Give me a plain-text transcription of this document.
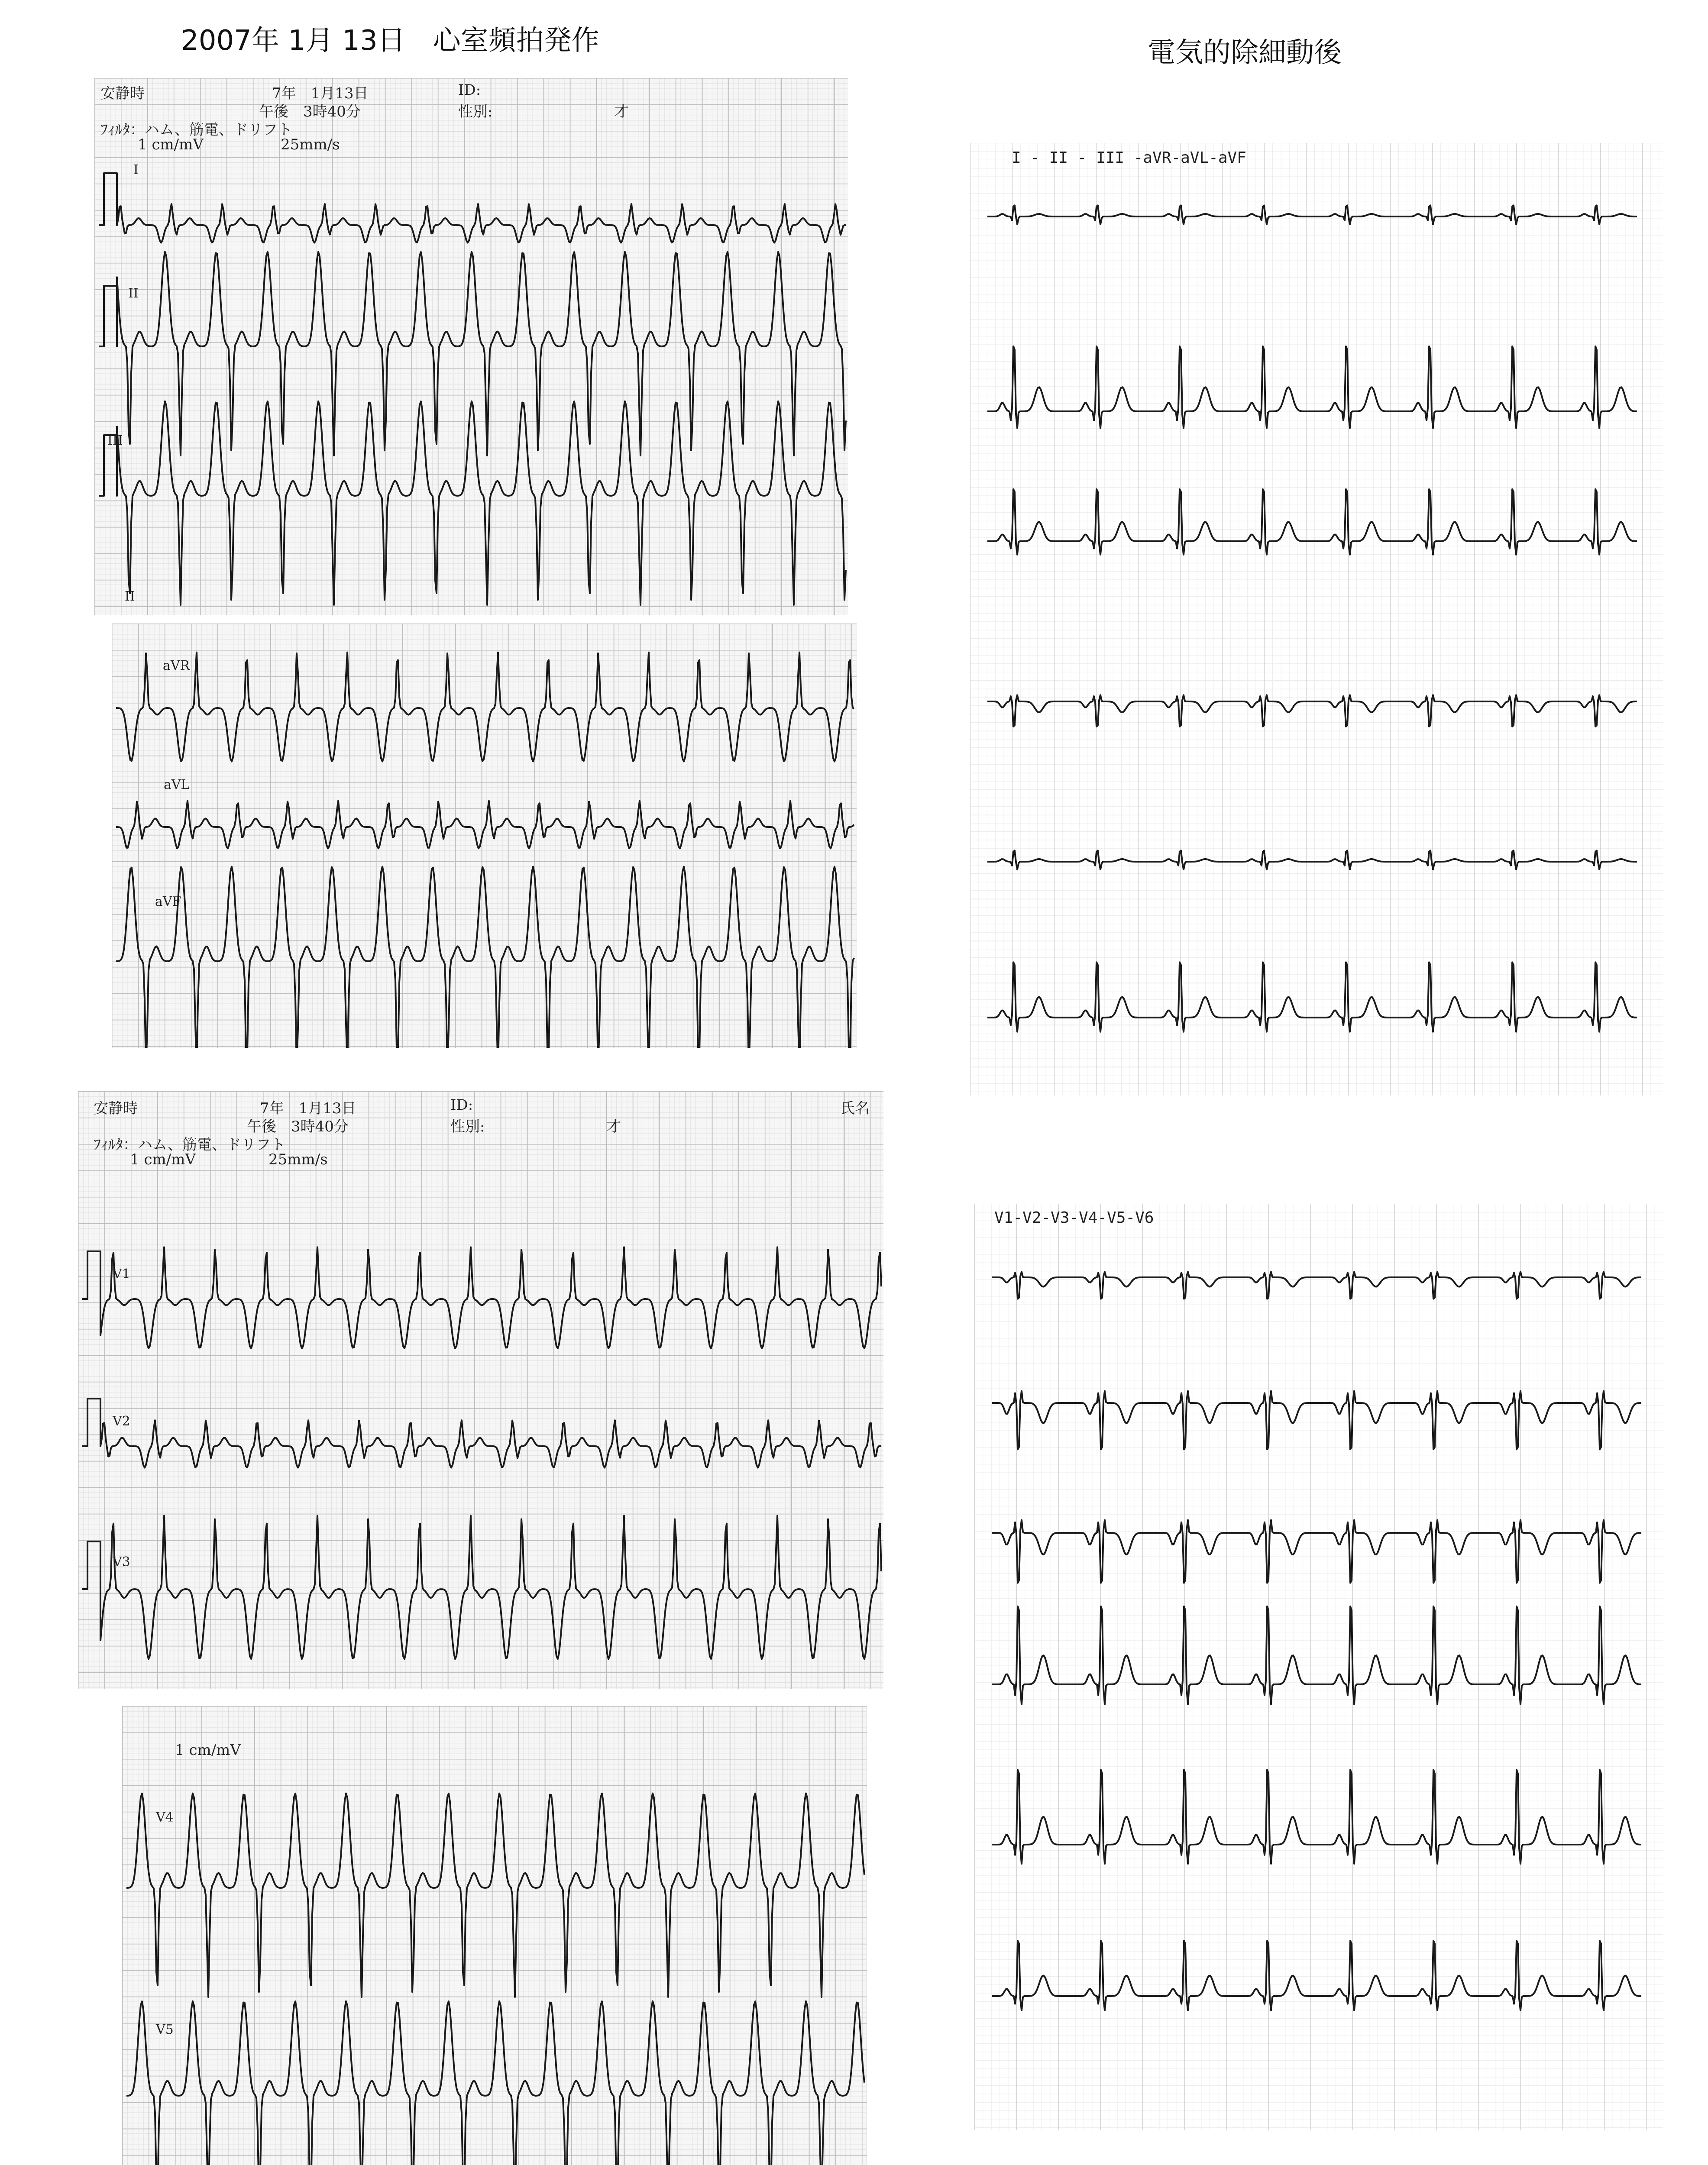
2007年 1月 13日　心室頻拍発作	電気的除細動後
安静時	7年　1月13日
午後　3時40分
ID:
性別:	才
ﾌｨﾙﾀ：ハム、筋電、ドリフト
1 cm/mV	25mm/s
I
II
III
II
aVR
aVL
aVF
安静時	7年　1月13日
午後　3時40分
ID:
性別:	才
氏名
ﾌｨﾙﾀ：ハム、筋電、ドリフト
1 cm/mV	25mm/s
V1
V2
V3
1 cm/mV
V4
V5
I - II - III -aVR-aVL-aVF
V1-V2-V3-V4-V5-V6
